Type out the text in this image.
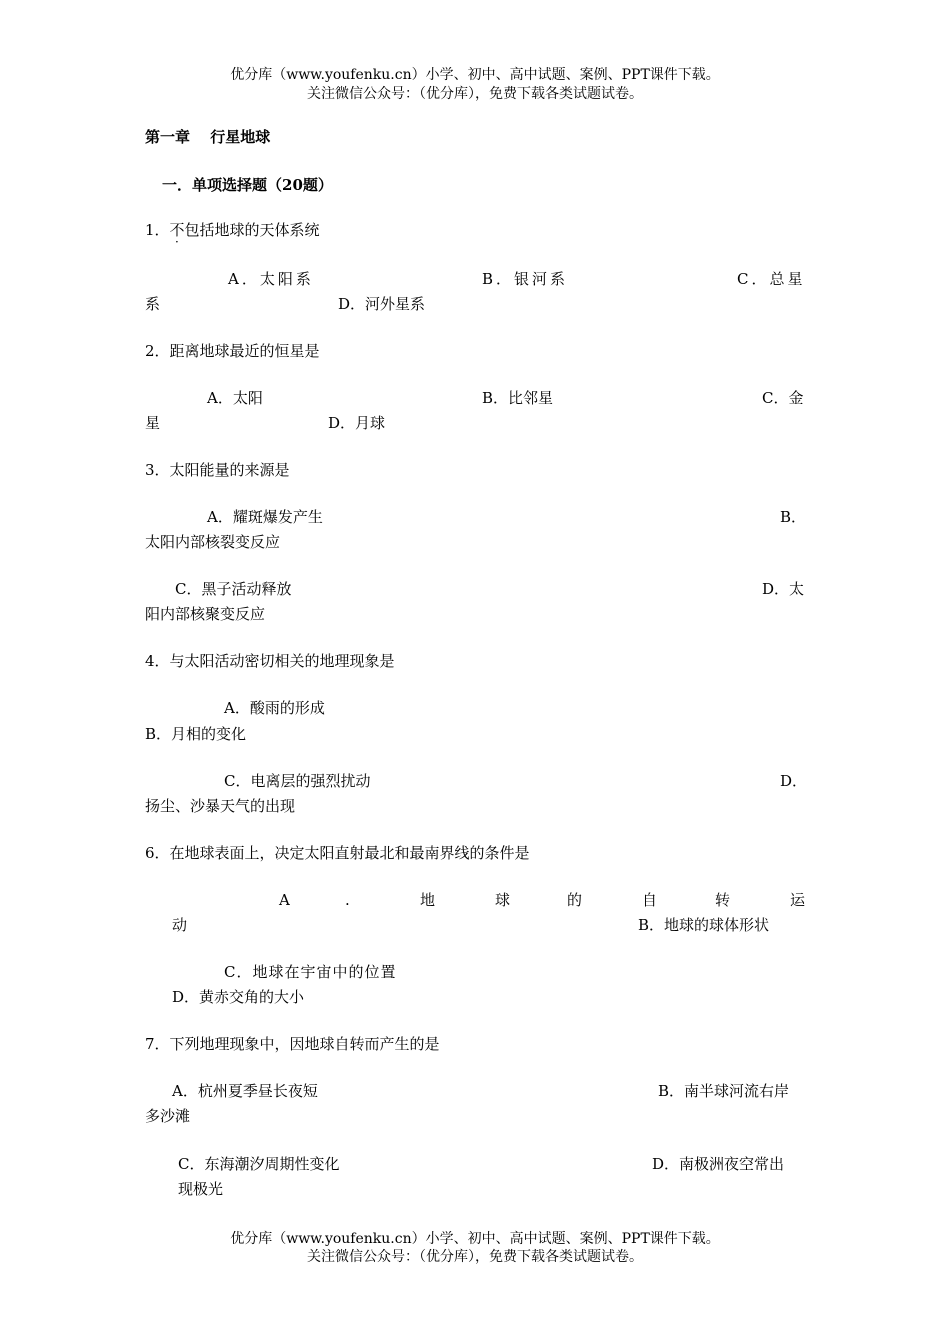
优分库（www.youfenku.cn）小学、初中、高中试题、案例、PPT课件下载。
关注微信公众号：（优分库），免费下载各类试题试卷。
第一章　 行星地球
一．单项选择题（20题）
1．不包括地球的天体系统
·
A．太阳系	B．银河系	C．总星
系	D．河外星系
2．距离地球最近的恒星是
A．太阳	B．比邻星	C．金
星	D．月球
3．太阳能量的来源是
A．耀斑爆发产生	B．
太阳内部核裂变反应
C．黑子活动释放	D．太
阳内部核聚变反应
4．与太阳活动密切相关的地理现象是
A．酸雨的形成
B．月相的变化
C．电离层的强烈扰动	D．
扬尘、沙暴天气的出现
6．在地球表面上，决定太阳直射最北和最南界线的条件是
A	.	地	球	的	自	转	运
动	B．地球的球体形状
C．地球在宇宙中的位置
D．黄赤交角的大小
7．下列地理现象中，因地球自转而产生的是
A．杭州夏季昼长夜短	B．南半球河流右岸
多沙滩
C．东海潮汐周期性变化	D．南极洲夜空常出
现极光
优分库（www.youfenku.cn）小学、初中、高中试题、案例、PPT课件下载。
关注微信公众号：（优分库），免费下载各类试题试卷。
